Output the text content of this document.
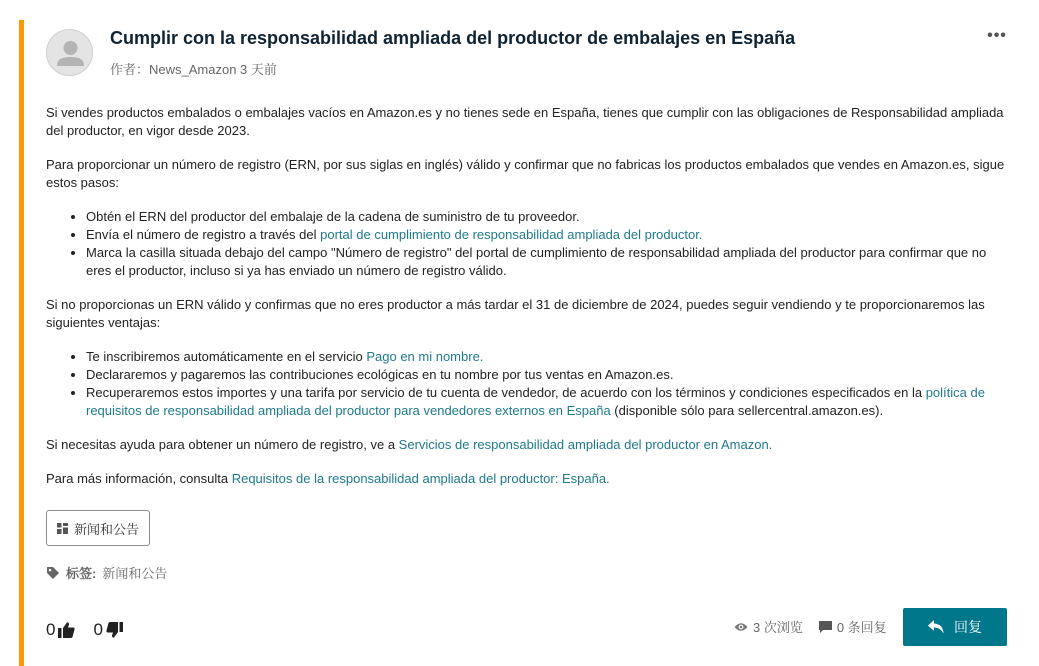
Cumplir con la responsabilidad ampliada del productor de embalajes en España
作者：News_Amazon 3 天前
•••

Si vendes productos embalados o embalajes vacíos en Amazon.es y no tienes sede en España, tienes que cumplir con las obligaciones de Responsabilidad ampliada del productor, en vigor desde 2023.

Para proporcionar un número de registro (ERN, por sus siglas en inglés) válido y confirmar que no fabricas los productos embalados que vendes en Amazon.es, sigue estos pasos:

• Obtén el ERN del productor del embalaje de la cadena de suministro de tu proveedor.
• Envía el número de registro a través del portal de cumplimiento de responsabilidad ampliada del productor.
• Marca la casilla situada debajo del campo "Número de registro" del portal de cumplimiento de responsabilidad ampliada del productor para confirmar que no eres el productor, incluso si ya has enviado un número de registro válido.

Si no proporcionas un ERN válido y confirmas que no eres productor a más tardar el 31 de diciembre de 2024, puedes seguir vendiendo y te proporcionaremos las siguientes ventajas:

• Te inscribiremos automáticamente en el servicio Pago en mi nombre.
• Declararemos y pagaremos las contribuciones ecológicas en tu nombre por tus ventas en Amazon.es.
• Recuperaremos estos importes y una tarifa por servicio de tu cuenta de vendedor, de acuerdo con los términos y condiciones especificados en la política de requisitos de responsabilidad ampliada del productor para vendedores externos en España (disponible sólo para sellercentral.amazon.es).

Si necesitas ayuda para obtener un número de registro, ve a Servicios de responsabilidad ampliada del productor en Amazon.

Para más información, consulta Requisitos de la responsabilidad ampliada del productor: España.

新闻和公告
标签: 新闻和公告
0 0	3 次浏览	0 条回复	回复
